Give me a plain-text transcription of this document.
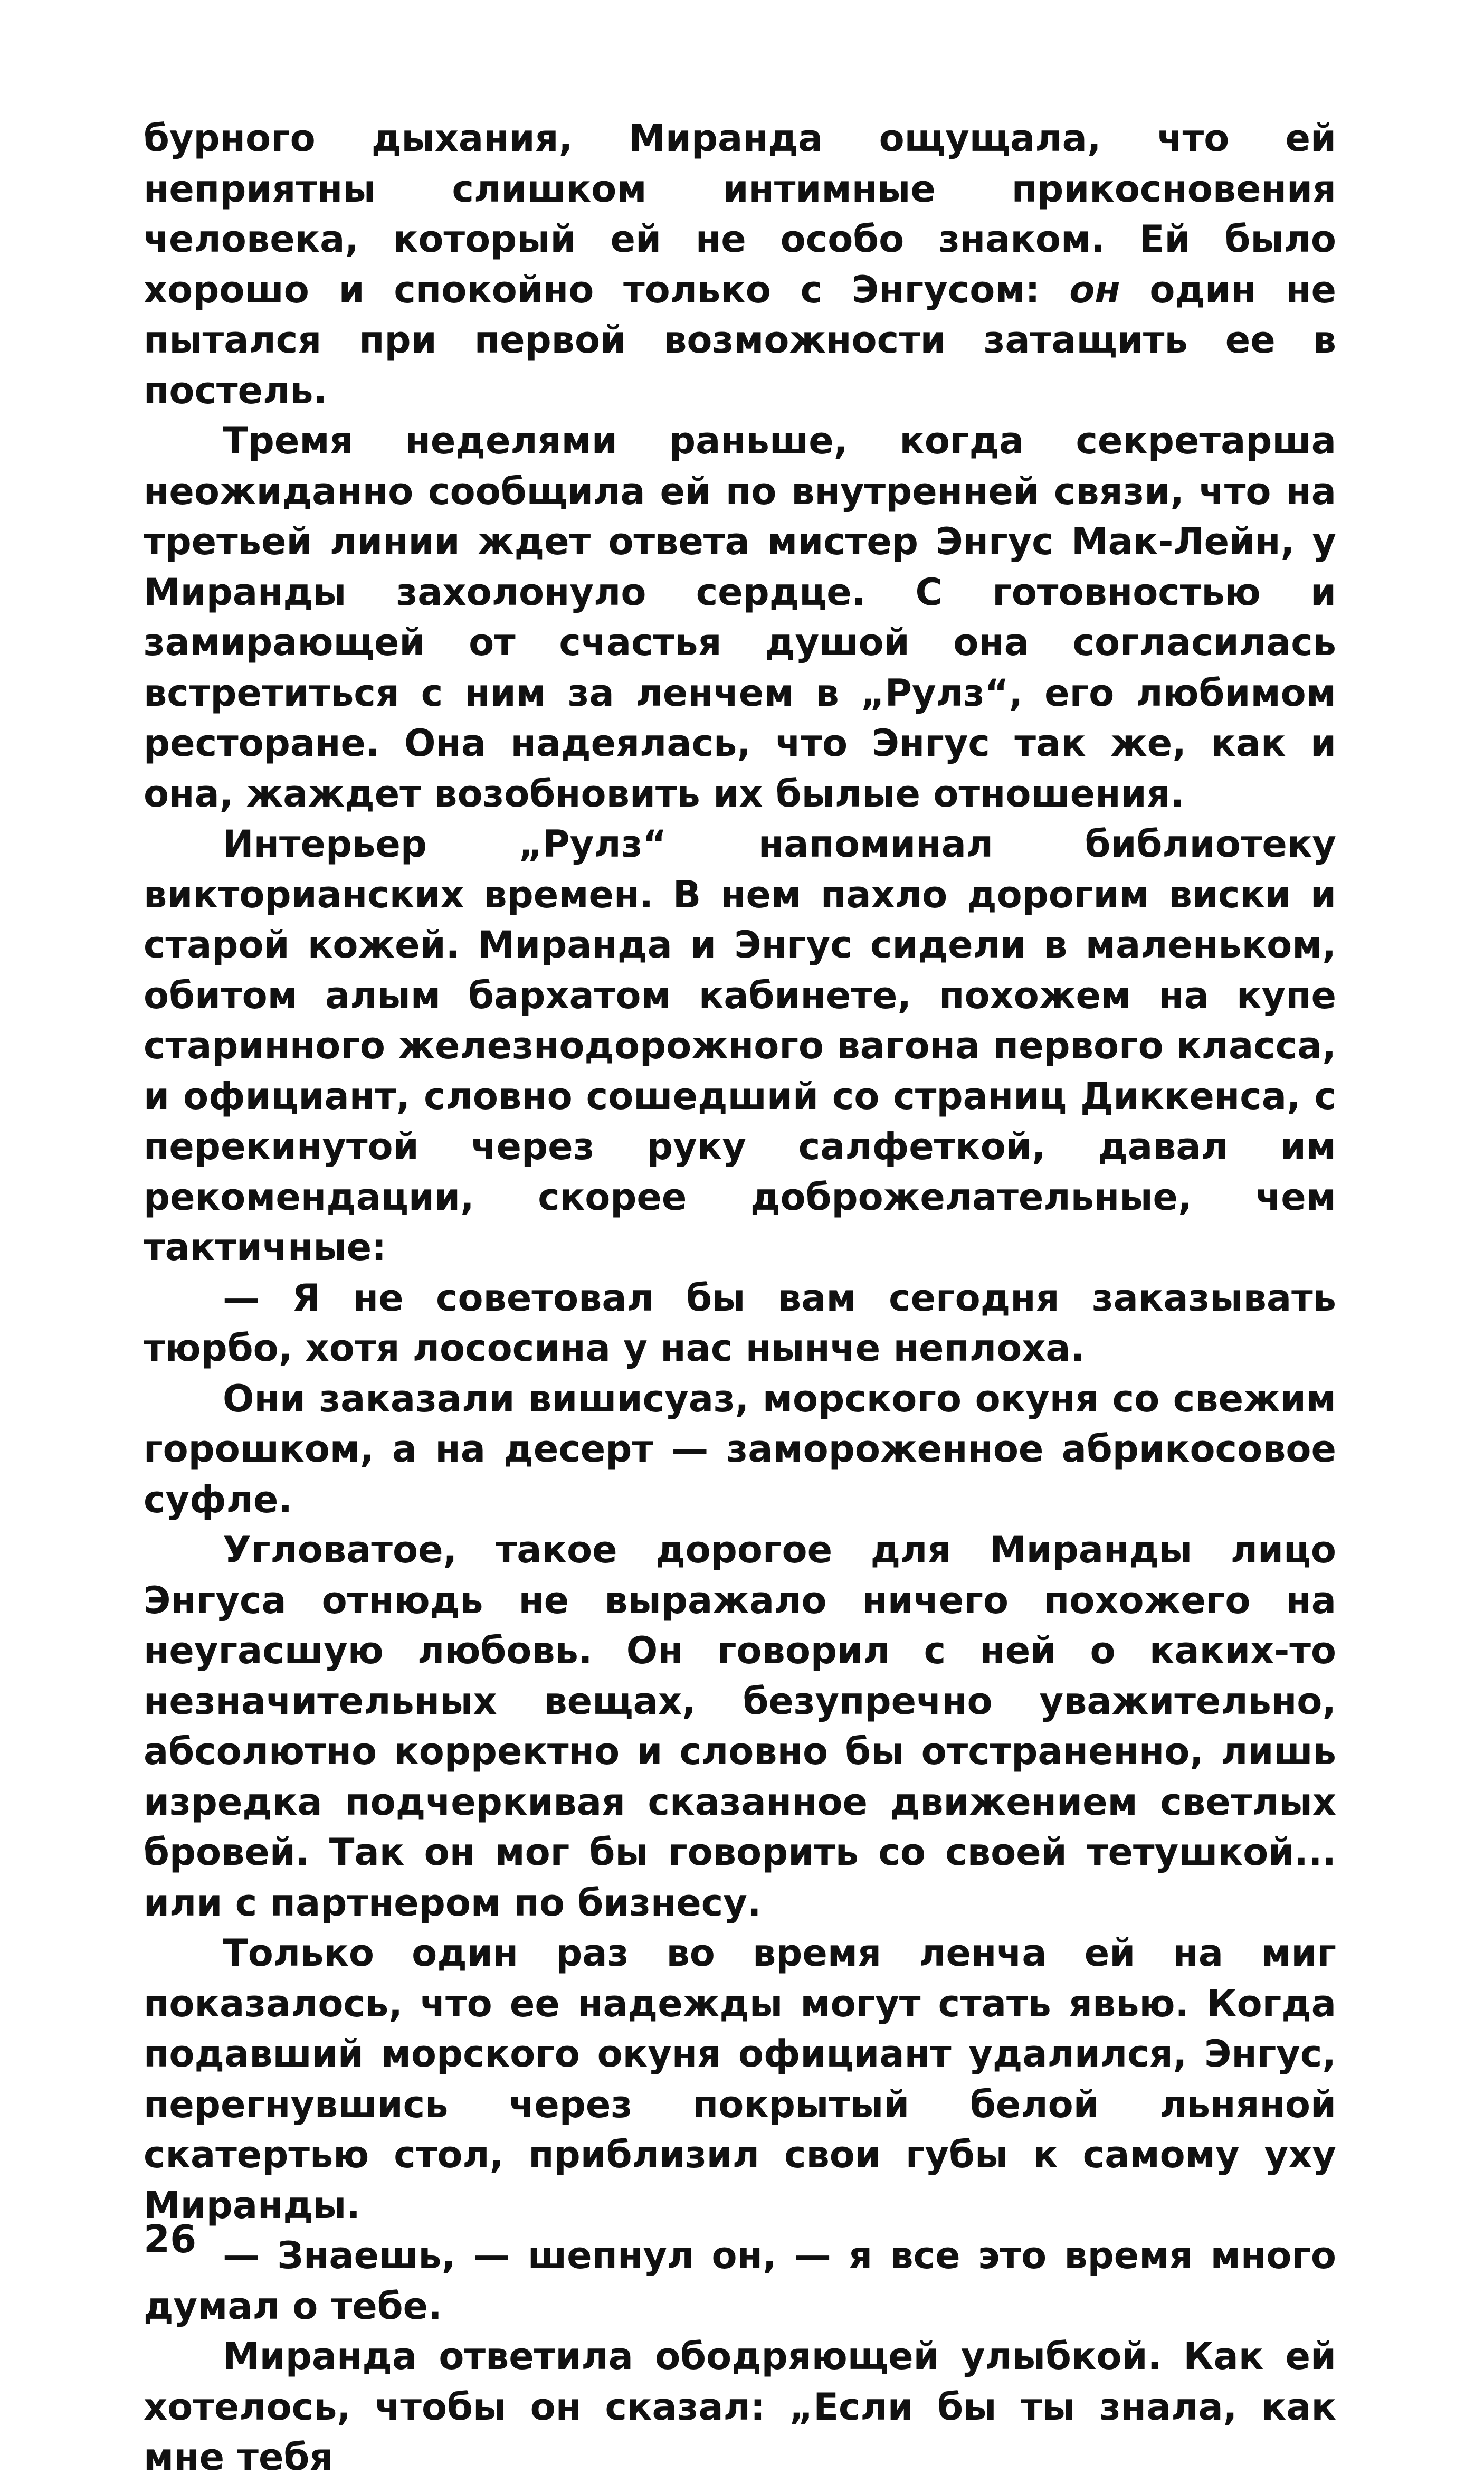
бурного дыхания, Миранда ощущала, что ей неприятны слишком интимные прикосновения человека, который ей не особо знаком. Ей было хорошо и спокойно только с Энгусом: он один не пытался при первой возможности затащить ее в постель.

Тремя неделями раньше, когда секретарша неожиданно сообщила ей по внутренней связи, что на третьей линии ждет ответа мистер Энгус Мак-Лейн, у Миранды захолонуло сердце. С готовностью и замирающей от счастья душой она согласилась встретиться с ним за ленчем в „Рулз“, его любимом ресторане. Она надеялась, что Энгус так же, как и она, жаждет возобновить их былые отношения.

Интерьер „Рулз“ напоминал библиотеку викторианских времен. В нем пахло дорогим виски и старой кожей. Миранда и Энгус сидели в маленьком, обитом алым бархатом кабинете, похожем на купе старинного железнодорожного вагона первого класса, и официант, словно сошедший со страниц Диккенса, с перекинутой через руку салфеткой, давал им рекомендации, скорее доброжелательные, чем тактичные:

— Я не советовал бы вам сегодня заказывать тюрбо, хотя лососина у нас нынче неплоха.

Они заказали вишисуаз, морского окуня со свежим горошком, а на десерт — замороженное абрикосовое суфле.

Угловатое, такое дорогое для Миранды лицо Энгуса отнюдь не выражало ничего похожего на неугасшую любовь. Он говорил с ней о каких-то незначительных вещах, безупречно уважительно, абсолютно корректно и словно бы отстраненно, лишь изредка подчеркивая сказанное движением светлых бровей. Так он мог бы говорить со своей тетушкой... или с партнером по бизнесу.

Только один раз во время ленча ей на миг показалось, что ее надежды могут стать явью. Когда подавший морского окуня официант удалился, Энгус, перегнувшись через покрытый белой льняной скатертью стол, приблизил свои губы к самому уху Миранды.

— Знаешь, — шепнул он, — я все это время много думал о тебе.

Миранда ответила ободряющей улыбкой. Как ей хотелось, чтобы он сказал: „Если бы ты знала, как мне тебя

26
